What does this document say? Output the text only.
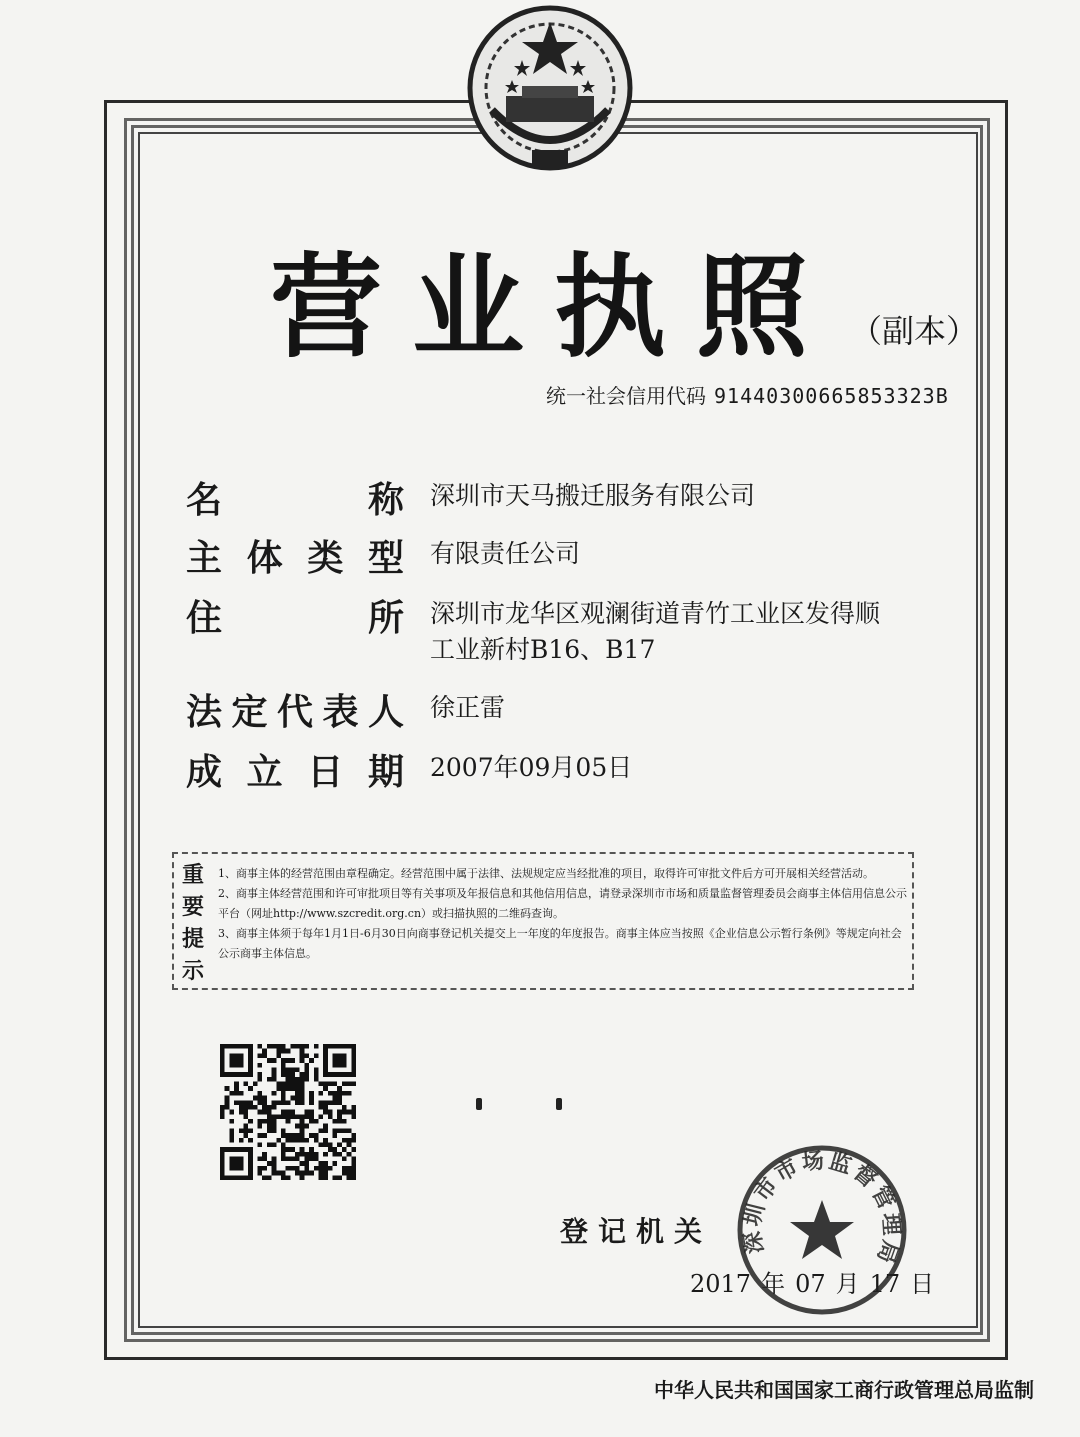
营业执照 （副本）
统一社会信用代码 91440300665853323B
名	称 深圳市天马搬迁服务有限公司
主 体 类 型 有限责任公司
住	所 深圳市龙华区观澜街道青竹工业区发得顺工业新村B16、B17
法 定 代 表 人 徐正雷
成 立 日 期 2007年09月05日
重
要
提
示
1、商事主体的经营范围由章程确定。经营范围中属于法律、法规规定应当经批准的项目，取得许可审批文件后方可开展相关经营活动。
2、商事主体经营范围和许可审批项目等有关事项及年报信息和其他信用信息，请登录深圳市市场和质量监督管理委员会商事主体信用信息公示平台（网址http://www.szcredit.org.cn）或扫描执照的二维码查询。
3、商事主体须于每年1月1日-6月30日向商事登记机关提交上一年度的年度报告。商事主体应当按照《企业信息公示暂行条例》等规定向社会公示商事主体信息。
登记机关
2017 年 07 月 17 日
深圳市市场监督管理局
中华人民共和国国家工商行政管理总局监制
